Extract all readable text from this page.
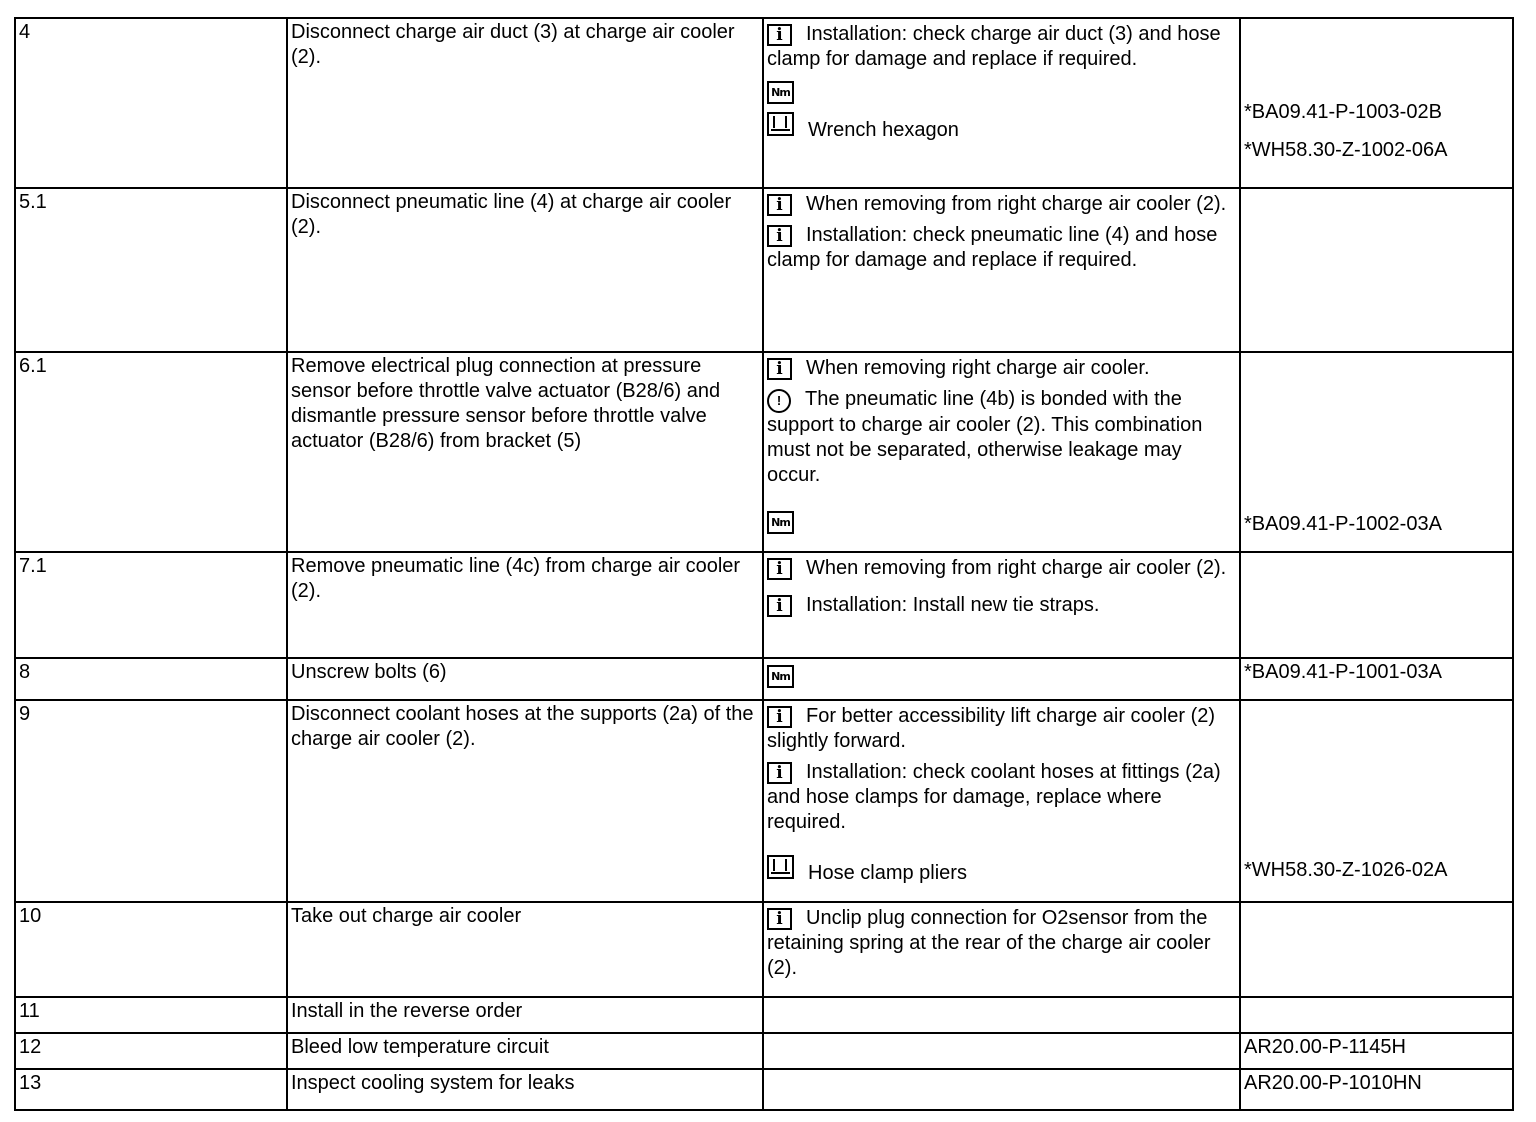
4	Disconnect charge air duct (3) at charge air cooler (2).	i Installation: check charge air duct (3) and hose clamp for damage and replace if required.
Nm
Wrench hexagon	*BA09.41-P-1003-02B
*WH58.30-Z-1002-06A

5.1	Disconnect pneumatic line (4) at charge air cooler (2).	i When removing from right charge air cooler (2).
i Installation: check pneumatic line (4) and hose clamp for damage and replace if required.	

6.1	Remove electrical plug connection at pressure sensor before throttle valve actuator (B28/6) and dismantle pressure sensor before throttle valve actuator (B28/6) from bracket (5)	i When removing right charge air cooler.
! The pneumatic line (4b) is bonded with the support to charge air cooler (2). This combination must not be separated, otherwise leakage may occur.
Nm	*BA09.41-P-1002-03A

7.1	Remove pneumatic line (4c) from charge air cooler (2).	i When removing from right charge air cooler (2).
i Installation: Install new tie straps.	

8	Unscrew bolts (6)	Nm	*BA09.41-P-1001-03A

9	Disconnect coolant hoses at the supports (2a) of the charge air cooler (2).	i For better accessibility lift charge air cooler (2) slightly forward.
i Installation: check coolant hoses at fittings (2a) and hose clamps for damage, replace where required.
Hose clamp pliers	*WH58.30-Z-1026-02A

10	Take out charge air cooler	i Unclip plug connection for O2sensor from the retaining spring at the rear of the charge air cooler (2).	

11	Install in the reverse order		
12	Bleed low temperature circuit		AR20.00-P-1145H

13	Inspect cooling system for leaks		AR20.00-P-1010HN
